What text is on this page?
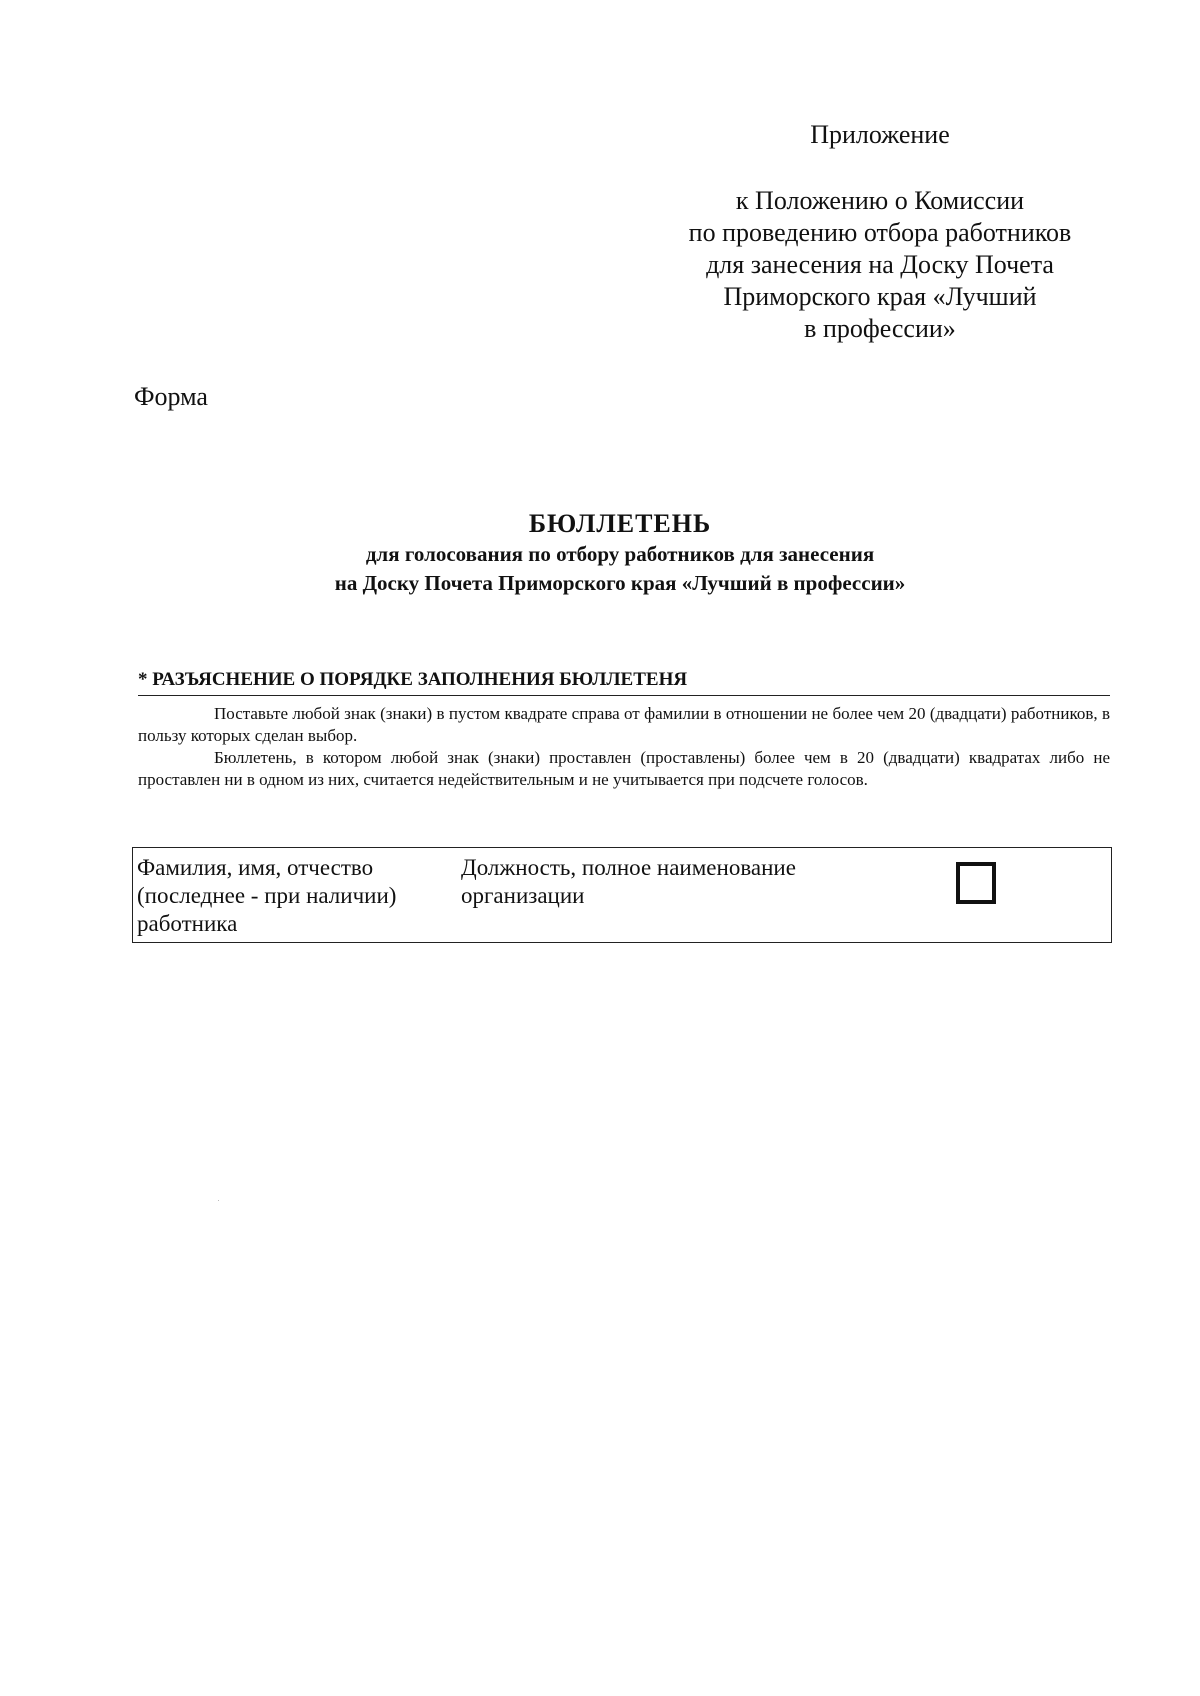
Приложение
к Положению о Комиссии
по проведению отбора работников
для занесения на Доску Почета
Приморского края «Лучший
в профессии»
Форма
БЮЛЛЕТЕНЬ
для голосования по отбору работников для занесения
на Доску Почета Приморского края «Лучший в профессии»
* РАЗЪЯСНЕНИЕ О ПОРЯДКЕ ЗАПОЛНЕНИЯ БЮЛЛЕТЕНЯ

Поставьте любой знак (знаки) в пустом квадрате справа от фамилии в отношении не более чем 20 (двадцати) работников, в пользу которых сделан выбор.

Бюллетень, в котором любой знак (знаки) проставлен (проставлены) более чем в 20 (двадцати) квадратах либо не проставлен ни в одном из них, считается недействительным и не учитывается при подсчете голосов.

Фамилия, имя, отчество
(последнее - при наличии)
работника
Должность, полное наименование
организации
